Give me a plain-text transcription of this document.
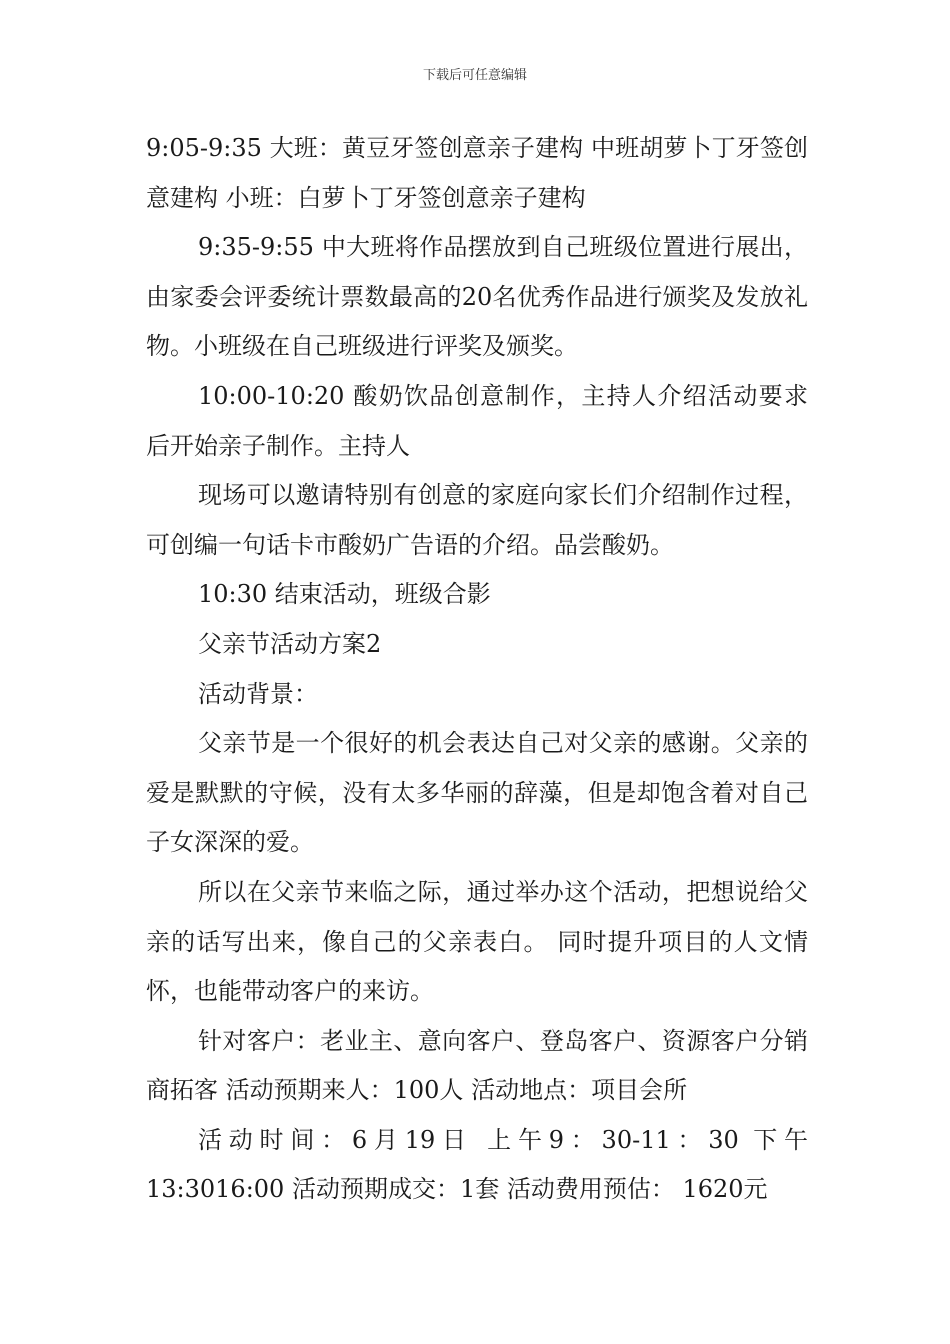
下载后可任意编辑

9:05-9:35 大班：黄豆牙签创意亲子建构 中班胡萝卜丁牙签创意建构 小班：白萝卜丁牙签创意亲子建构

9:35-9:55 中大班将作品摆放到自己班级位置进行展出，由家委会评委统计票数最高的20名优秀作品进行颁奖及发放礼物。小班级在自己班级进行评奖及颁奖。

10:00-10:20 酸奶饮品创意制作，主持人介绍活动要求后开始亲子制作。主持人

现场可以邀请特别有创意的家庭向家长们介绍制作过程，可创编一句话卡市酸奶广告语的介绍。品尝酸奶。

10:30 结束活动，班级合影

父亲节活动方案2

活动背景：

父亲节是一个很好的机会表达自己对父亲的感谢。父亲的爱是默默的守候，没有太多华丽的辞藻，但是却饱含着对自己子女深深的爱。

所以在父亲节来临之际，通过举办这个活动，把想说给父亲的话写出来，像自己的父亲表白。 同时提升项目的人文情怀，也能带动客户的来访。

针对客户：老业主、意向客户、登岛客户、资源客户分销商拓客 活动预期来人：100人 活动地点：项目会所

活动时间：6月19日 上午9：30-11：30 下午13:3016:00 活动预期成交：1套 活动费用预估： 1620元
